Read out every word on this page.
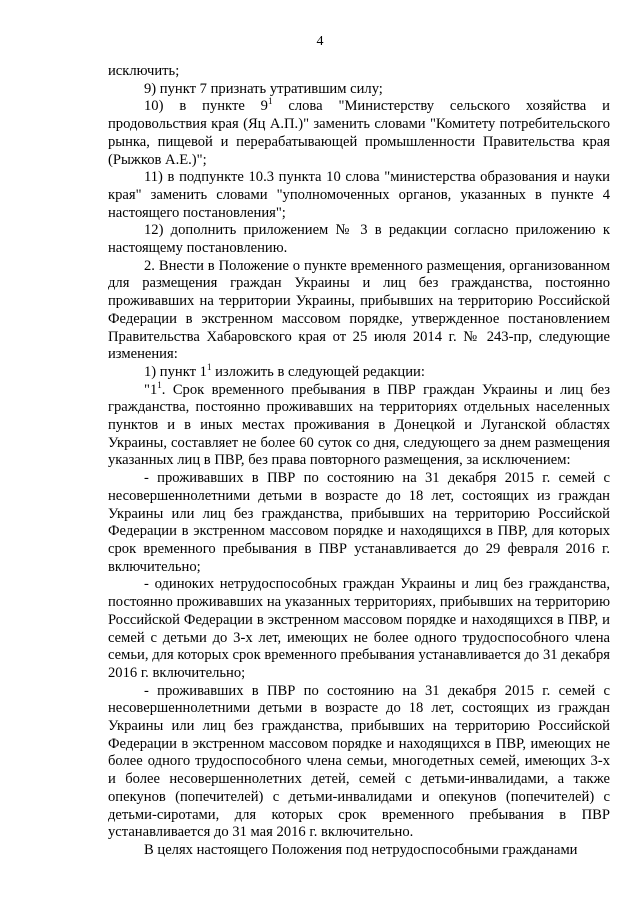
4

исключить;

9) пункт 7 признать утратившим силу;

10) в пункте $9^1$ слова "Министерству сельского хозяйства и продовольствия края (Яц А.П.)" заменить словами "Комитету потребительского рынка, пищевой и перерабатывающей промышленности Правительства края (Рыжков А.Е.)";

11) в подпункте 10.3 пункта 10 слова "министерства образования и науки края" заменить словами "уполномоченных органов, указанных в пункте 4 настоящего постановления";

12) дополнить приложением № 3 в редакции согласно приложению к настоящему постановлению.

2. Внести в Положение о пункте временного размещения, организованном для размещения граждан Украины и лиц без гражданства, постоянно проживавших на территории Украины, прибывших на территорию Российской Федерации в экстренном массовом порядке, утвержденное постановлением Правительства Хабаровского края от 25 июля 2014 г. № 243-пр, следующие изменения:

1) пункт $1^1$ изложить в следующей редакции:

"$1^1$. Срок временного пребывания в ПВР граждан Украины и лиц без гражданства, постоянно проживавших на территориях отдельных населенных пунктов и в иных местах проживания в Донецкой и Луганской областях Украины, составляет не более 60 суток со дня, следующего за днем размещения указанных лиц в ПВР, без права повторного размещения, за исключением:

- проживавших в ПВР по состоянию на 31 декабря 2015 г. семей с несовершеннолетними детьми в возрасте до 18 лет, состоящих из граждан Украины или лиц без гражданства, прибывших на территорию Российской Федерации в экстренном массовом порядке и находящихся в ПВР, для которых срок временного пребывания в ПВР устанавливается до 29 февраля 2016 г. включительно;

- одиноких нетрудоспособных граждан Украины и лиц без гражданства, постоянно проживавших на указанных территориях, прибывших на территорию Российской Федерации в экстренном массовом порядке и находящихся в ПВР, и семей с детьми до 3-х лет, имеющих не более одного трудоспособного члена семьи, для которых срок временного пребывания устанавливается до 31 декабря 2016 г. включительно;

- проживавших в ПВР по состоянию на 31 декабря 2015 г. семей с несовершеннолетними детьми в возрасте до 18 лет, состоящих из граждан Украины или лиц без гражданства, прибывших на территорию Российской Федерации в экстренном массовом порядке и находящихся в ПВР, имеющих не более одного трудоспособного члена семьи, многодетных семей, имеющих 3-х и более несовершеннолетних детей, семей с детьми-инвалидами, а также опекунов (попечителей) с детьми-инвалидами и опекунов (попечителей) с детьми-сиротами, для которых срок временного пребывания в ПВР устанавливается до 31 мая 2016 г. включительно.

В целях настоящего Положения под нетрудоспособными гражданами
